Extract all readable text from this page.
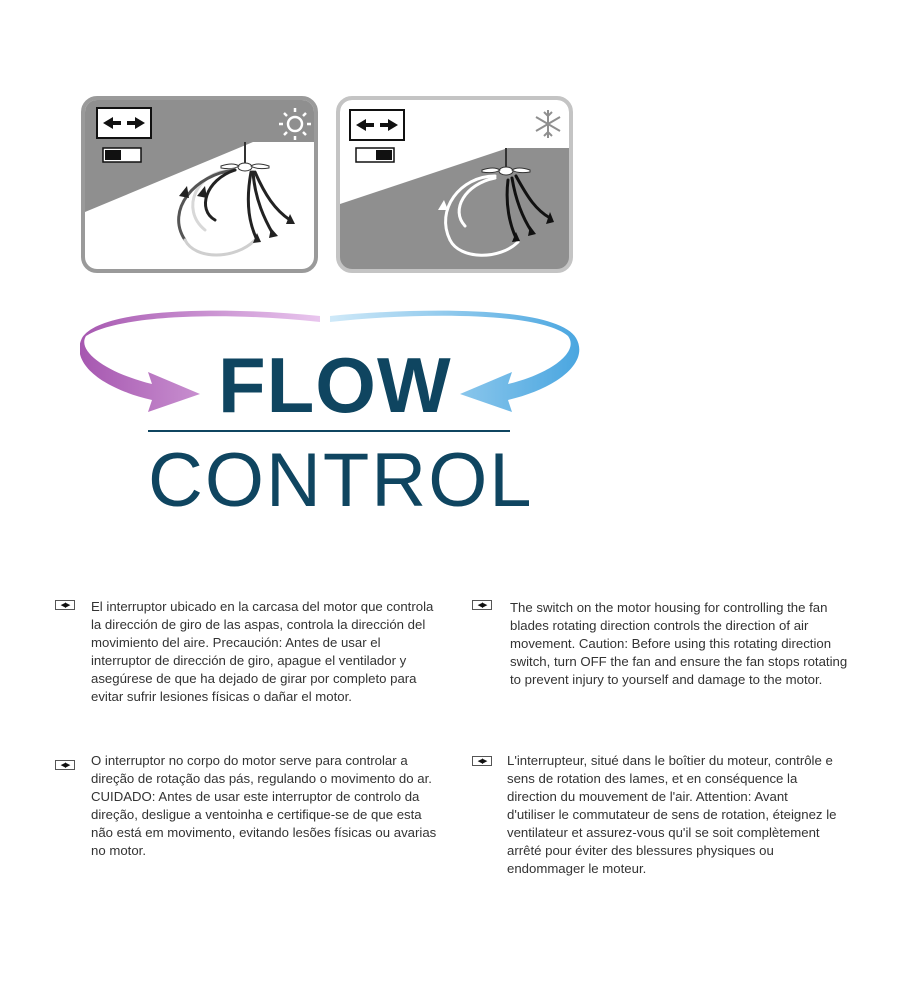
FLOW
CONTROL
◀▶	El interruptor ubicado en la carcasa del motor que controla la dirección de giro de las aspas, controla la dirección del movimiento del aire. Precaución: Antes de usar el interruptor de dirección de giro, apague el ventilador y asegúrese de que ha dejado de girar por completo para evitar sufrir lesiones físicas o dañar el motor.

◀▶	The switch on the motor housing for controlling the fan blades rotating direction controls the direction of air movement. Caution: Before using this rotating direction switch, turn OFF the fan and ensure the fan stops rotating to prevent injury to yourself and damage to the motor.

◀▶	O interruptor no corpo do motor serve para controlar a direção de rotação das pás, regulando o movimento do ar. CUIDADO: Antes de usar este interruptor de controlo da direção, desligue a ventoinha e certifique-se de que esta não está em movimento, evitando lesões físicas ou avarias no motor.

◀▶	L'interrupteur, situé dans le boîtier du moteur, contrôle e sens de rotation des lames, et en conséquence la direction du mouvement de l'air. Attention: Avant d'utiliser le commutateur de sens de rotation, éteignez le ventilateur et assurez-vous qu'il se soit complètement arrêté pour éviter des blessures physiques ou endommager le moteur.
